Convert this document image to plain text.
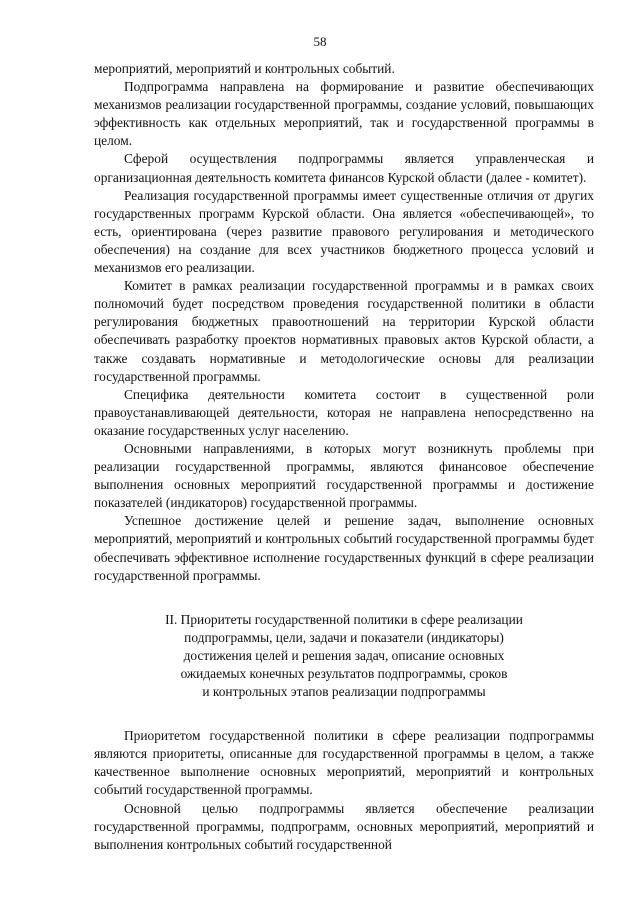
58

мероприятий, мероприятий и контрольных событий.

Подпрограмма направлена на формирование и развитие обеспечивающих механизмов реализации государственной программы, создание условий, повышающих эффективность как отдельных мероприятий, так и государственной программы в целом.

Сферой осуществления подпрограммы является управленческая и организационная деятельность комитета финансов Курской области (далее - комитет).

Реализация государственной программы имеет существенные отличия от других государственных программ Курской области. Она является «обеспечивающей», то есть, ориентирована (через развитие правового регулирования и методического обеспечения) на создание для всех участников бюджетного процесса условий и механизмов его реализации.

Комитет в рамках реализации государственной программы и в рамках своих полномочий будет посредством проведения государственной политики в области регулирования бюджетных правоотношений на территории Курской области обеспечивать разработку проектов нормативных правовых актов Курской области, а также создавать нормативные и методологические основы для реализации государственной программы.

Специфика деятельности комитета состоит в существенной роли правоустанавливающей деятельности, которая не направлена непосредственно на оказание государственных услуг населению.

Основными направлениями, в которых могут возникнуть проблемы при реализации государственной программы, являются финансовое обеспечение выполнения основных мероприятий государственной программы и достижение показателей (индикаторов) государственной программы.

Успешное достижение целей и решение задач, выполнение основных мероприятий, мероприятий и контрольных событий государственной программы будет обеспечивать эффективное исполнение государственных функций в сфере реализации государственной программы.

II. Приоритеты государственной политики в сфере реализации
подпрограммы, цели, задачи и показатели (индикаторы)
достижения целей и решения задач, описание основных
ожидаемых конечных результатов подпрограммы, сроков
и контрольных этапов реализации подпрограммы

Приоритетом государственной политики в сфере реализации подпрограммы являются приоритеты, описанные для государственной программы в целом, а также качественное выполнение основных мероприятий, мероприятий и контрольных событий государственной программы.

Основной целью подпрограммы является обеспечение реализации государственной программы, подпрограмм, основных мероприятий, мероприятий и выполнения контрольных событий государственной
